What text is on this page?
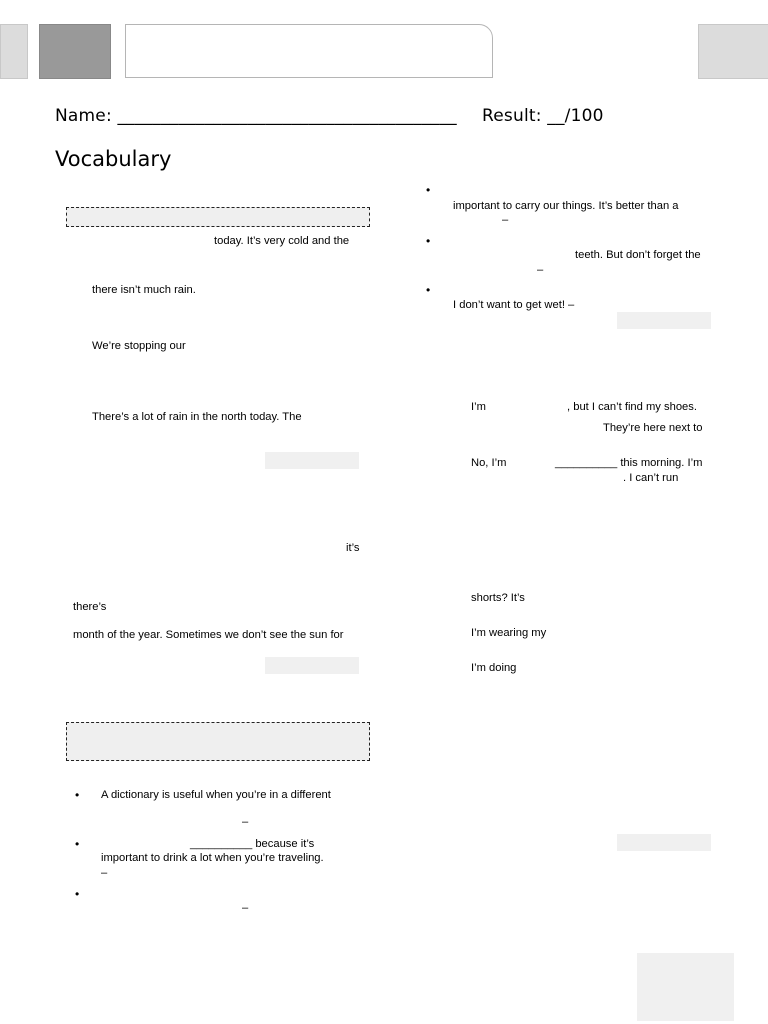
Name: _______________________________________ Result: __/100
Vocabulary
today. It’s very cold and the
there isn’t much rain.
We’re stopping our
There’s a lot of rain in the north today. The
it’s
there’s
month of the year. Sometimes we don’t see the sun for
• A dictionary is useful when you’re in a different
–
•	__________ because it’s
important to drink a lot when you’re traveling.
–
•
–
•
important to carry our things. It’s better than a
–
•
teeth. But don’t forget the
–
•
I don’t want to get wet! –
I’m	, but I can’t find my shoes.
They’re here next to
No, I’m	__________ this morning. I’m
. I can’t run
shorts? It’s
I’m wearing my
I’m doing
